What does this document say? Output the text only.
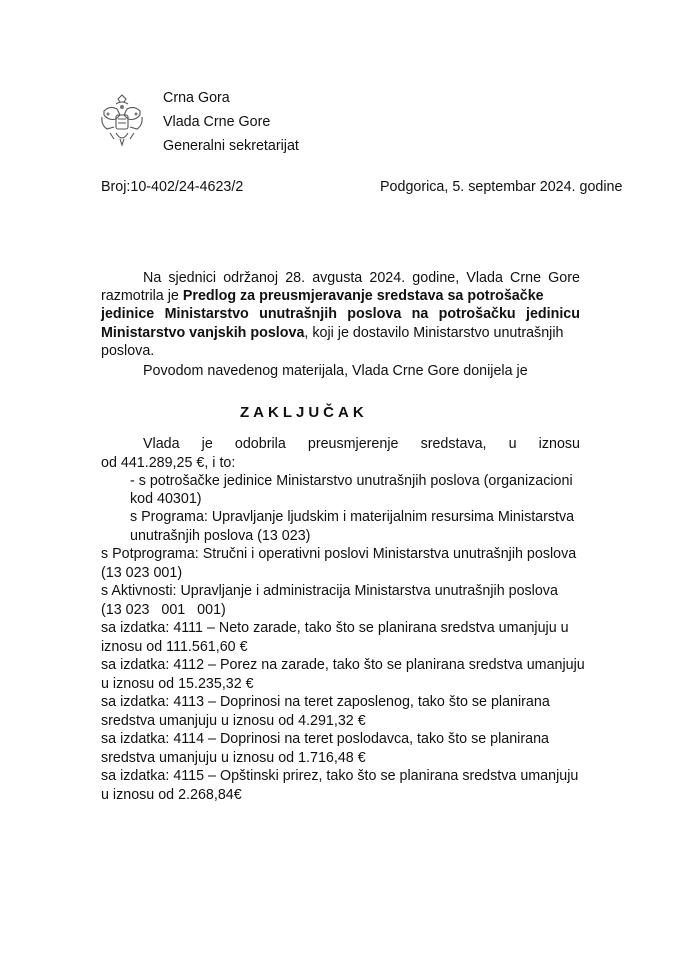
Crna Gora
Vlada Crne Gore
Generalni sekretarijat
Broj:10-402/24-4623/2	Podgorica, 5. septembar 2024. godine
Na sjednici održanoj 28. avgusta 2024. godine, Vlada Crne Gore
razmotrila je Predlog za preusmjeravanje sredstava sa potrošačke
jedinice Ministarstvo unutrašnjih poslova na potrošačku jedinicu
Ministarstvo vanjskih poslova, koji je dostavilo Ministarstvo unutrašnjih
poslova.
Povodom navedenog materijala, Vlada Crne Gore donijela je
ZAKLJUČAK
Vlada je odobrila preusmjerenje sredstava, u iznosu
od 441.289,25 €, i to:
- s potrošačke jedinice Ministarstvo unutrašnjih poslova (organizacioni
kod 40301)
s Programa: Upravljanje ljudskim i materijalnim resursima Ministarstva
unutrašnjih poslova (13 023)
s Potprograma: Stručni i operativni poslovi Ministarstva unutrašnjih poslova
(13 023 001)
s Aktivnosti: Upravljanje i administracija Ministarstva unutrašnjih poslova
(13 023   001   001)
sa izdatka: 4111 – Neto zarade, tako što se planirana sredstva umanjuju u
iznosu od 111.561,60 €
sa izdatka: 4112 – Porez na zarade, tako što se planirana sredstva umanjuju
u iznosu od 15.235,32 €
sa izdatka: 4113 – Doprinosi na teret zaposlenog, tako što se planirana
sredstva umanjuju u iznosu od 4.291,32 €
sa izdatka: 4114 – Doprinosi na teret poslodavca, tako što se planirana
sredstva umanjuju u iznosu od 1.716,48 €
sa izdatka: 4115 – Opštinski prirez, tako što se planirana sredstva umanjuju
u iznosu od 2.268,84€
